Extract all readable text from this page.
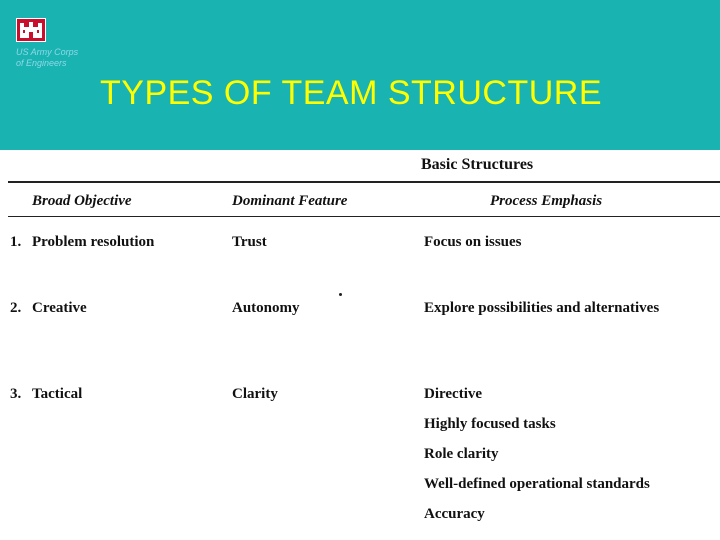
US Army Corps
of Engineers
TYPES OF TEAM STRUCTURE
Basic Structures
Broad Objective	Dominant Feature	Process Emphasis
1. Problem resolution	Trust	Focus on issues
2. Creative	Autonomy	Explore possibilities and alternatives
3. Tactical	Clarity	Directive
Highly focused tasks
Role clarity
Well-defined operational standards
Accuracy
